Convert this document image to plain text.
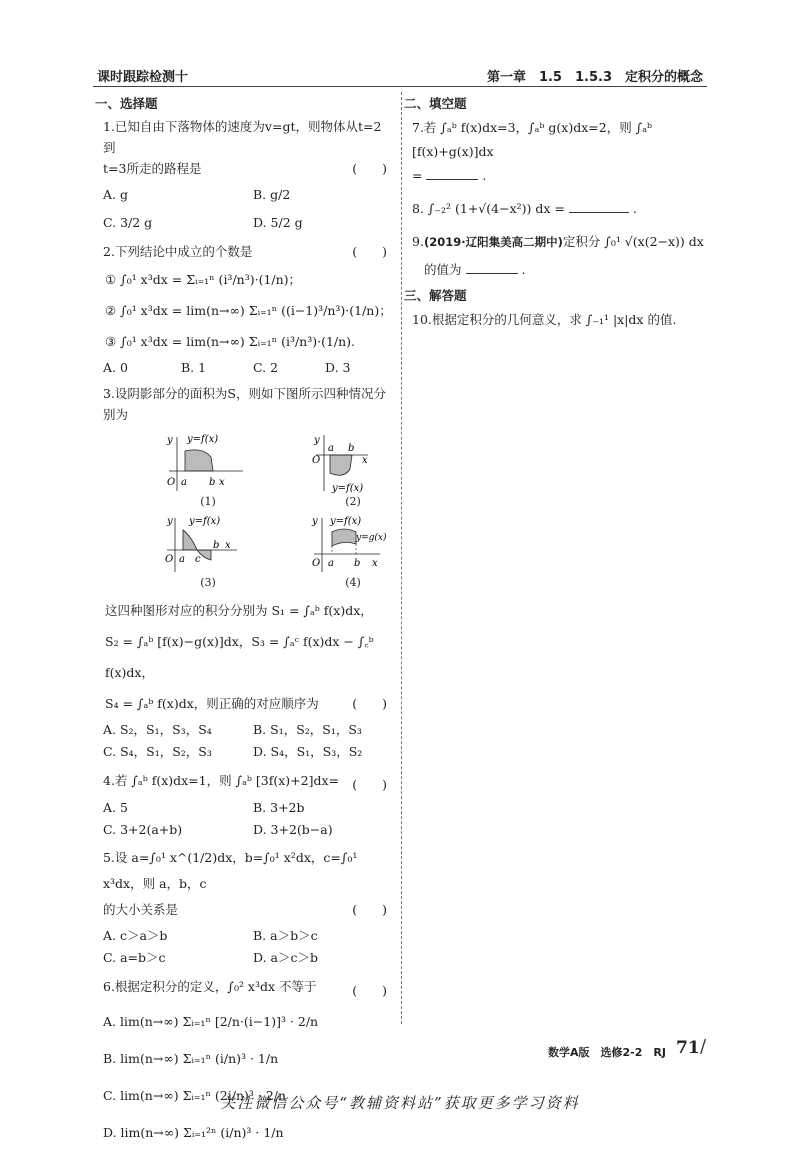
课时跟踪检测十	第一章　1.5　1.5.3　定积分的概念
一、选择题
1.已知自由下落物体的速度为v=gt，则物体从t=2到
t=3所走的路程是	(　　)
A. g	B. g/2
C. 3/2 g	D. 5/2 g
2.下列结论中成立的个数是	(　　)
① ∫₀¹ x³dx = Σᵢ₌₁ⁿ (i³/n³)·(1/n)；
② ∫₀¹ x³dx = lim(n→∞) Σᵢ₌₁ⁿ ((i−1)³/n³)·(1/n)；
③ ∫₀¹ x³dx = lim(n→∞) Σᵢ₌₁ⁿ (i³/n³)·(1/n).
A. 0	B. 1	C. 2	D. 3
3.设阴影部分的面积为S，则如下图所示四种情况分
别为
y y=f(x)
O a b x
(1)
y
a b
O	x
y=f(x)
(2)
y y=f(x)
O a c
b x
(3)
y y=f(x)
y=g(x)
O a b x
(4)
这四种图形对应的积分分别为 S₁ = ∫ₐᵇ f(x)dx，
S₂ = ∫ₐᵇ [f(x)−g(x)]dx，S₃ = ∫ₐᶜ f(x)dx − ∫꜀ᵇ f(x)dx，
S₄ = ∫ₐᵇ f(x)dx，则正确的对应顺序为	(　　)
A. S₂，S₁，S₃，S₄	B. S₁，S₂，S₁，S₃
C. S₄，S₁，S₂，S₃	D. S₄，S₁，S₃，S₂
4.若 ∫ₐᵇ f(x)dx=1，则 ∫ₐᵇ [3f(x)+2]dx= (　　)
A. 5	B. 3+2b
C. 3+2(a+b)	D. 3+2(b−a)
5.设 a=∫₀¹ x^(1/2)dx，b=∫₀¹ x²dx，c=∫₀¹ x³dx，则 a，b，c
的大小关系是	(　　)
A. c＞a＞b	B. a＞b＞c
C. a=b＞c	D. a＞c＞b
6.根据定积分的定义，∫₀² x³dx 不等于	(　　)
A. lim(n→∞) Σᵢ₌₁ⁿ [2/n·(i−1)]³ · 2/n
B. lim(n→∞) Σᵢ₌₁ⁿ (i/n)³ · 1/n
C. lim(n→∞) Σᵢ₌₁ⁿ (2i/n)³ · 2/n
D. lim(n→∞) Σᵢ₌₁²ⁿ (i/n)³ · 1/n
二、填空题
7.若 ∫ₐᵇ f(x)dx=3，∫ₐᵇ g(x)dx=2，则 ∫ₐᵇ [f(x)+g(x)]dx
=	.
8. ∫₋₂² (1+√(4−x²)) dx =	.
9.(2019·辽阳集美高二期中)定积分 ∫₀¹ √(x(2−x)) dx
的值为	.
三、解答题
10.根据定积分的几何意义，求 ∫₋₁¹ |x|dx 的值.
数学A版　选修2-2　RJ 71 /
关注微信公众号“教辅资料站”获取更多学习资料
